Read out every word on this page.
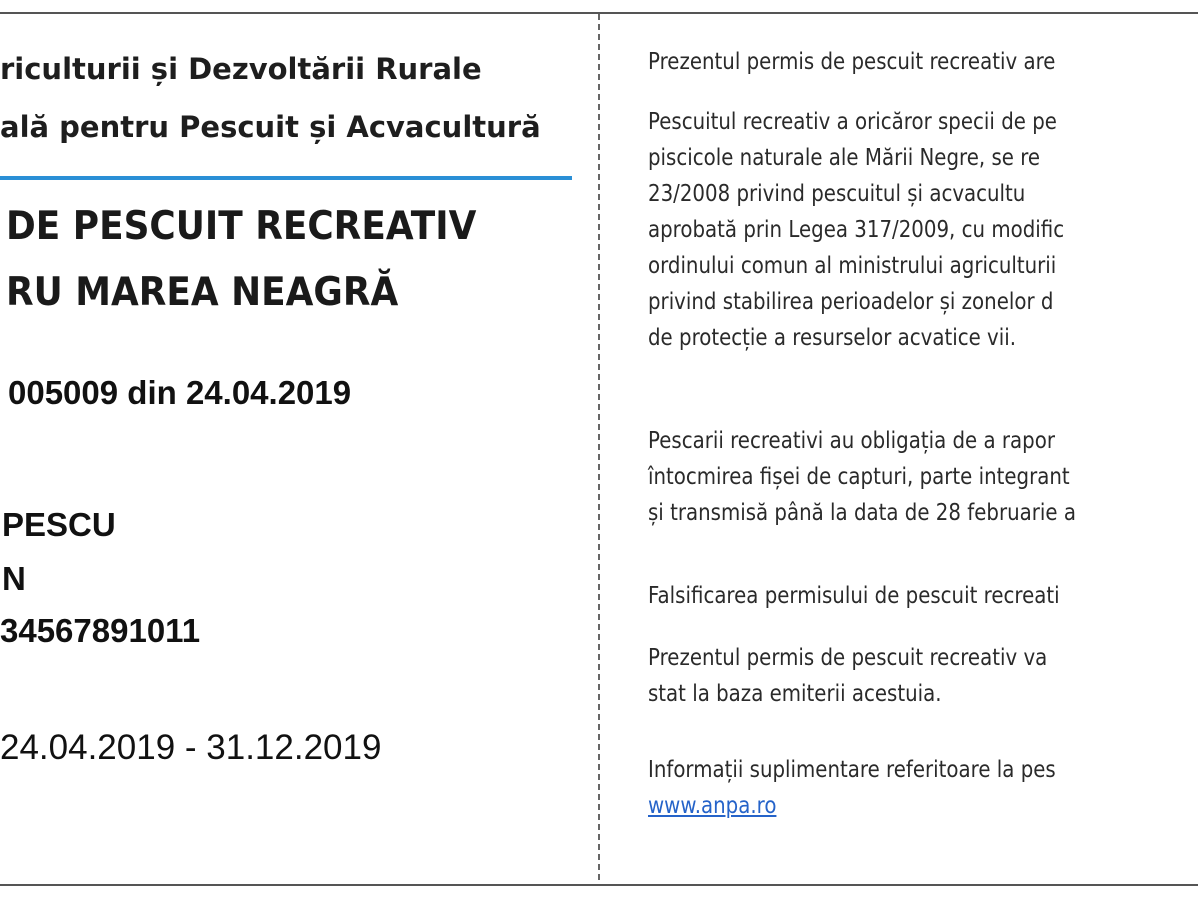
riculturii și Dezvoltării Rurale
ală pentru Pescuit și Acvacultură
DE PESCUIT RECREATIV
RU MAREA NEAGRĂ
005009 din 24.04.2019
PESCU
N
34567891011
24.04.2019 - 31.12.2019
Prezentul permis de pescuit recreativ are
Pescuitul recreativ a oricăror specii de pe
piscicole naturale ale Mării Negre, se re
23/2008 privind pescuitul și acvacultu
aprobată prin Legea 317/2009, cu modific
ordinului comun al ministrului agriculturii
privind stabilirea perioadelor și zonelor d
de protecție a resurselor acvatice vii.
Pescarii recreativi au obligația de a rapor
întocmirea fișei de capturi, parte integrant
și transmisă până la data de 28 februarie a
Falsificarea permisului de pescuit recreati
Prezentul permis de pescuit recreativ va
stat la baza emiterii acestuia.
Informații suplimentare referitoare la pes
www.anpa.ro
